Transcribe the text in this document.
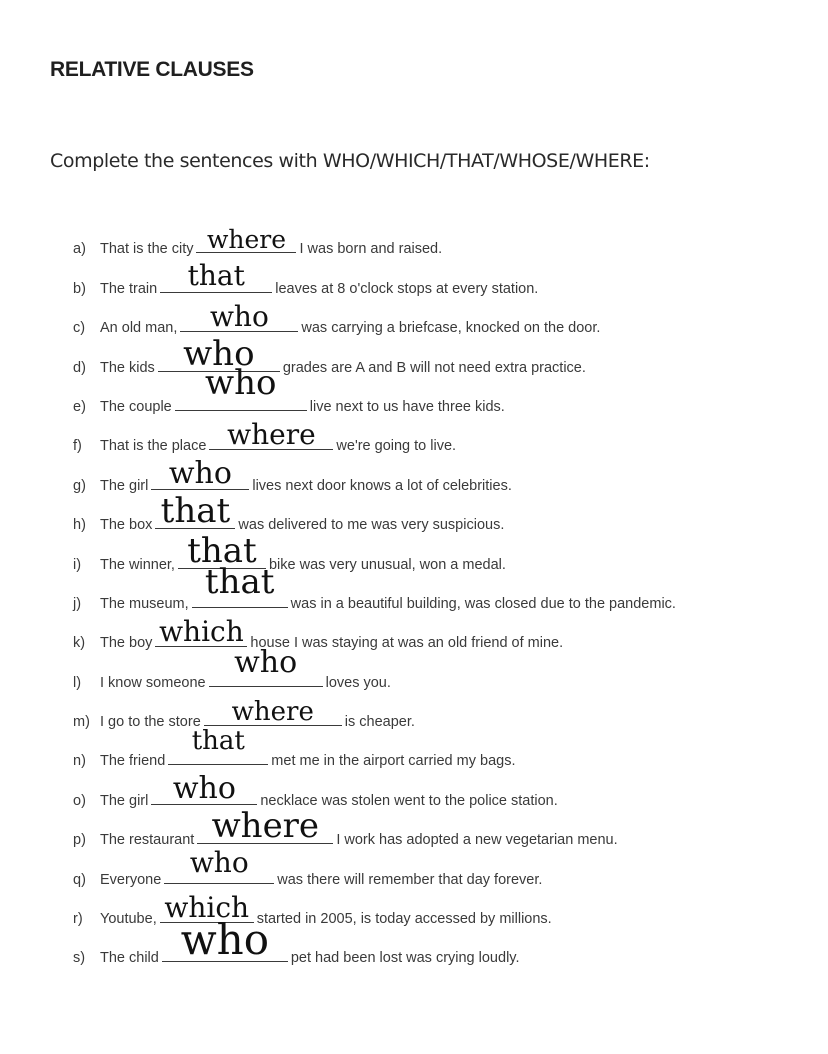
RELATIVE CLAUSES
Complete the sentences with WHO/WHICH/THAT/WHOSE/WHERE:
a) That is the city where I was born and raised.
b) The train	that	leaves at 8 o'clock stops at every station.
c)	An old man,	who	was carrying a briefcase, knocked on the door.
d) The kids who	grades are A and B will not need extra practice.
e) The couple
who
live next to us have three kids.
f)	That is the place where	we're going to live.
g) The girl who	lives next door knows a lot of celebrities.
h) The box that was delivered to me was very suspicious.
i)	The winner, that bike was very unusual, won a medal.
j)	The museum,
that
was in a beautiful building, was closed due to the pandemic.
k)	The boy which house I was staying at was an old friend of mine.
l)	I know someone
who
loves you.
m) I go to the store	where	is cheaper.
n) The friend
that
met me in the airport carried my bags.
o) The girl who	necklace was stolen went to the police station.
p) The restaurant where	I work has adopted a new vegetarian menu.
q) Everyone
who
was there will remember that day forever.
r)	Youtube, which started in 2005, is today accessed by millions.
s)	The child who	pet had been lost was crying loudly.
